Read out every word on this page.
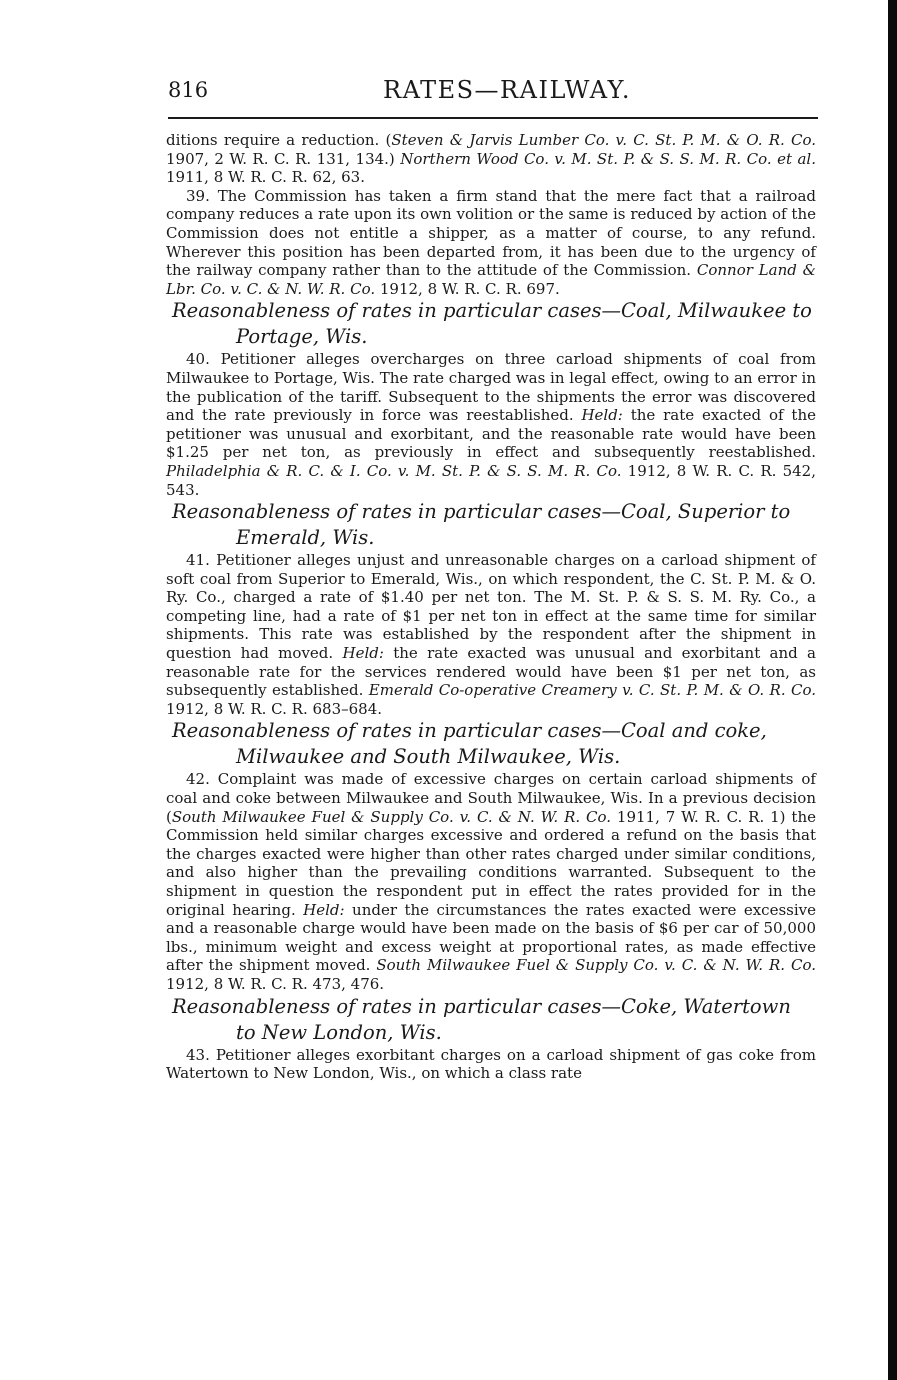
816	RATES—RAILWAY.

ditions require a reduction. (Steven & Jarvis Lumber Co. v. C. St. P. M. & O. R. Co. 1907, 2 W. R. C. R. 131, 134.) Northern Wood Co. v. M. St. P. & S. S. M. R. Co. et al. 1911, 8 W. R. C. R. 62, 63.

39. The Commission has taken a firm stand that the mere fact that a railroad company reduces a rate upon its own volition or the same is reduced by action of the Commission does not entitle a shipper, as a matter of course, to any refund. Wherever this position has been departed from, it has been due to the urgency of the railway company rather than to the attitude of the Commission. Connor Land & Lbr. Co. v. C. & N. W. R. Co. 1912, 8 W. R. C. R. 697.

Reasonableness of rates in particular cases—Coal, Milwaukee to Portage, Wis.

40. Petitioner alleges overcharges on three carload shipments of coal from Milwaukee to Portage, Wis. The rate charged was in legal effect, owing to an error in the publication of the tariff. Subsequent to the shipments the error was discovered and the rate previously in force was reestablished. Held: the rate exacted of the petitioner was unusual and exorbitant, and the reasonable rate would have been $1.25 per net ton, as previously in effect and subsequently reestablished. Philadelphia & R. C. & I. Co. v. M. St. P. & S. S. M. R. Co. 1912, 8 W. R. C. R. 542, 543.

Reasonableness of rates in particular cases—Coal, Superior to Emerald, Wis.

41. Petitioner alleges unjust and unreasonable charges on a carload shipment of soft coal from Superior to Emerald, Wis., on which respondent, the C. St. P. M. & O. Ry. Co., charged a rate of $1.40 per net ton. The M. St. P. & S. S. M. Ry. Co., a competing line, had a rate of $1 per net ton in effect at the same time for similar shipments. This rate was established by the respondent after the shipment in question had moved. Held: the rate exacted was unusual and exorbitant and a reasonable rate for the services rendered would have been $1 per net ton, as subsequently established. Emerald Co-operative Creamery v. C. St. P. M. & O. R. Co. 1912, 8 W. R. C. R. 683–684.

Reasonableness of rates in particular cases—Coal and coke, Milwaukee and South Milwaukee, Wis.

42. Complaint was made of excessive charges on certain carload shipments of coal and coke between Milwaukee and South Milwaukee, Wis. In a previous decision (South Milwaukee Fuel & Supply Co. v. C. & N. W. R. Co. 1911, 7 W. R. C. R. 1) the Commission held similar charges excessive and ordered a refund on the basis that the charges exacted were higher than other rates charged under similar conditions, and also higher than the prevailing conditions warranted. Subsequent to the shipment in question the respondent put in effect the rates provided for in the original hearing. Held: under the circumstances the rates exacted were excessive and a reasonable charge would have been made on the basis of $6 per car of 50,000 lbs., minimum weight and excess weight at proportional rates, as made effective after the shipment moved. South Milwaukee Fuel & Supply Co. v. C. & N. W. R. Co. 1912, 8 W. R. C. R. 473, 476.

Reasonableness of rates in particular cases—Coke, Watertown to New London, Wis.

43. Petitioner alleges exorbitant charges on a carload shipment of gas coke from Watertown to New London, Wis., on which a class rate
